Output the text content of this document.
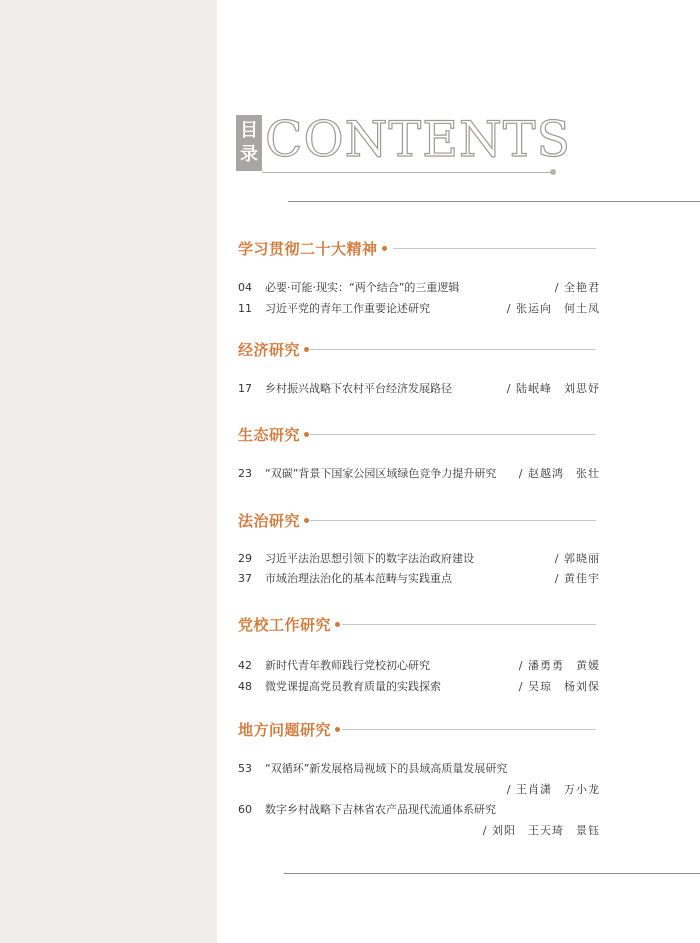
目
录 CONTENTS
学习贯彻二十大精神
04	必要·可能·现实：“两个结合”的三重逻辑	/ 全艳君
11	习近平党的青年工作重要论述研究	/ 张运向　何土凤
经济研究
17	乡村振兴战略下农村平台经济发展路径	/ 陆岷峰　刘思妤
生态研究
23	“双碳”背景下国家公园区域绿色竞争力提升研究 / 赵越鸿　张壮
法治研究
29	习近平法治思想引领下的数字法治政府建设	/ 郭晓丽
37	市域治理法治化的基本范畴与实践重点	/ 黄佳宇
党校工作研究
42	新时代青年教师践行党校初心研究	/ 潘勇勇　黄媛
48	微党课提高党员教育质量的实践探索	/ 吴琼　杨刘保
地方问题研究
53	“双循环”新发展格局视域下的县域高质量发展研究
/ 王肖潇　万小龙
60	数字乡村战略下吉林省农产品现代流通体系研究
/ 刘阳　王天琦　景钰
